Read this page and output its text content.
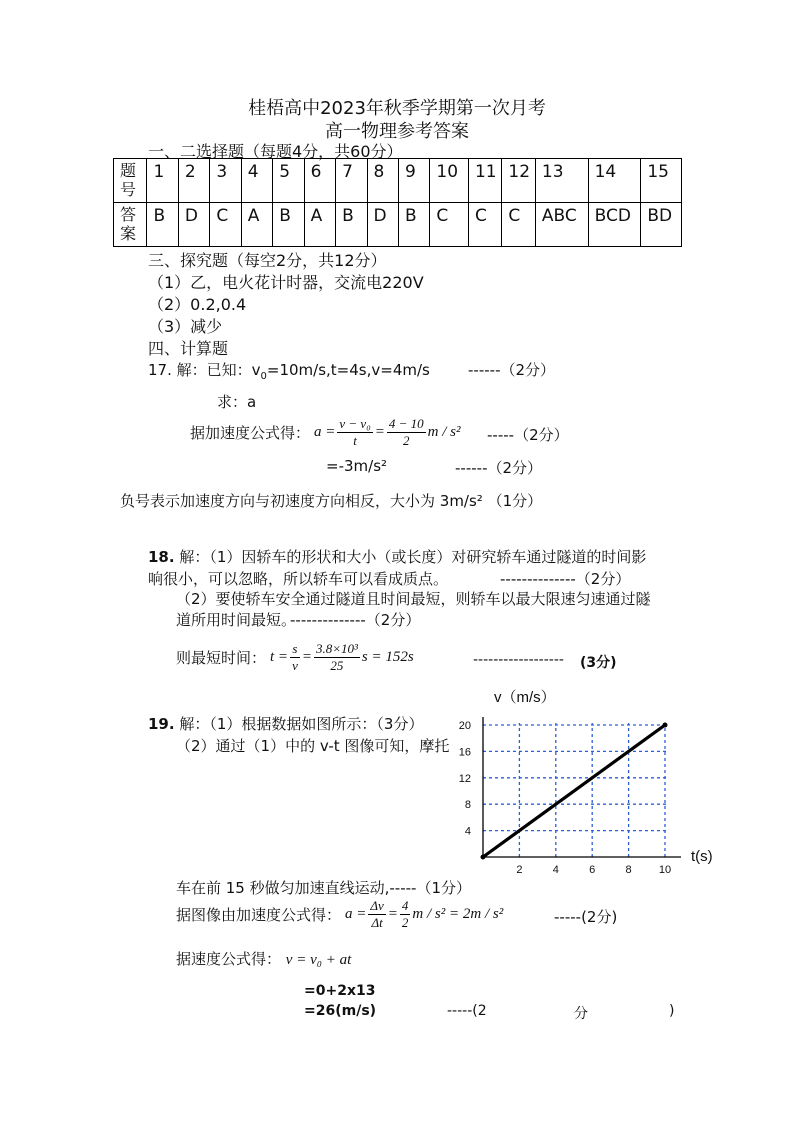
桂梧高中2023年秋季学期第一次月考
高一物理参考答案
一、二选择题（每题4分，共60分）
题
号	1	2	3	4	5	6	7	8	9	10	11	12	13	14	15
答
案	B	D	C	A	B	A	B	D	B	C	C	C	ABC	BCD	BD
三、探究题（每空2分，共12分）
（1）乙，电火花计时器，交流电220V
（2）0.2,0.4
（3）减少
四、计算题
17. 解：已知：$v_0=10m/s,t=4s,v=4m/s$	------（2分）
求：a
据加速度公式得： $a = \frac{\text{v − v₀}}{t} = \frac{4 - 10}{2}$ m / s² -----（2分）
=-3m/s²	------（2分）
负号表示加速度方向与初速度方向相反，大小为 3m/s² （1分）
18. 解：（1）因轿车的形状和大小（或长度）对研究轿车通过隧道的时间影
响很小，可以忽略，所以轿车可以看成质点。	--------------（2分）
（2）要使轿车安全通过隧道且时间最短，则轿车以最大限速匀速通过隧
道所用时间最短。
--------------（2分）
则最短时间： $t = \frac{s}{v} = \frac{\text{3.8×10³}}{25}$ s = 152s	------------------ (3分)
19. 解：（1）根据数据如图所示：（3分）
（2）通过（1）中的 v-t 图像可知，摩托
车在前 15 秒做匀加速直线运动,-----（1分）
据图像由加速度公式得： $a = \frac{\Delta v}{\Delta t} = \frac{4}{2}$ m / s² = 2m / s²	-----(2分)
据速度公式得： v = v₀ + at
=0+2x13
=26(m/s)	-----(2	分	)
2	4	6	8 10
4
8
12
16
20
t(s)
v（m/s）
